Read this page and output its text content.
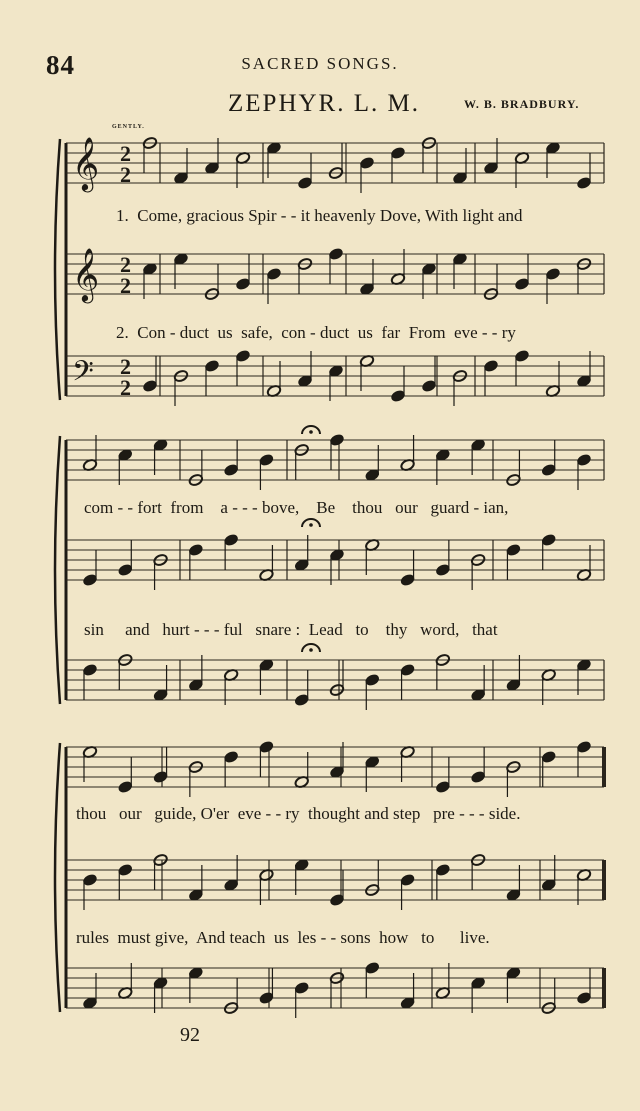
84	SACRED SONGS.
ZEPHYR. L. M.	W. B. BRADBURY.
GENTLY.
𝄞 2
2
𝄞 2
2
𝄢 2
2
1.  Come, gracious Spir - - it heavenly Dove, With light and
2.  Con - duct  us  safe,  con - duct  us  far  From  eve - - ry
com - - fort  from    a - - - bove,    Be    thou   our   guard - ian,
sin     and   hurt - - - ful   snare :  Lead   to    thy   word,   that
thou   our   guide, O'er  eve - - ry  thought and step   pre - - - side.
rules  must give,  And teach  us  les - - sons  how   to      live.
92
